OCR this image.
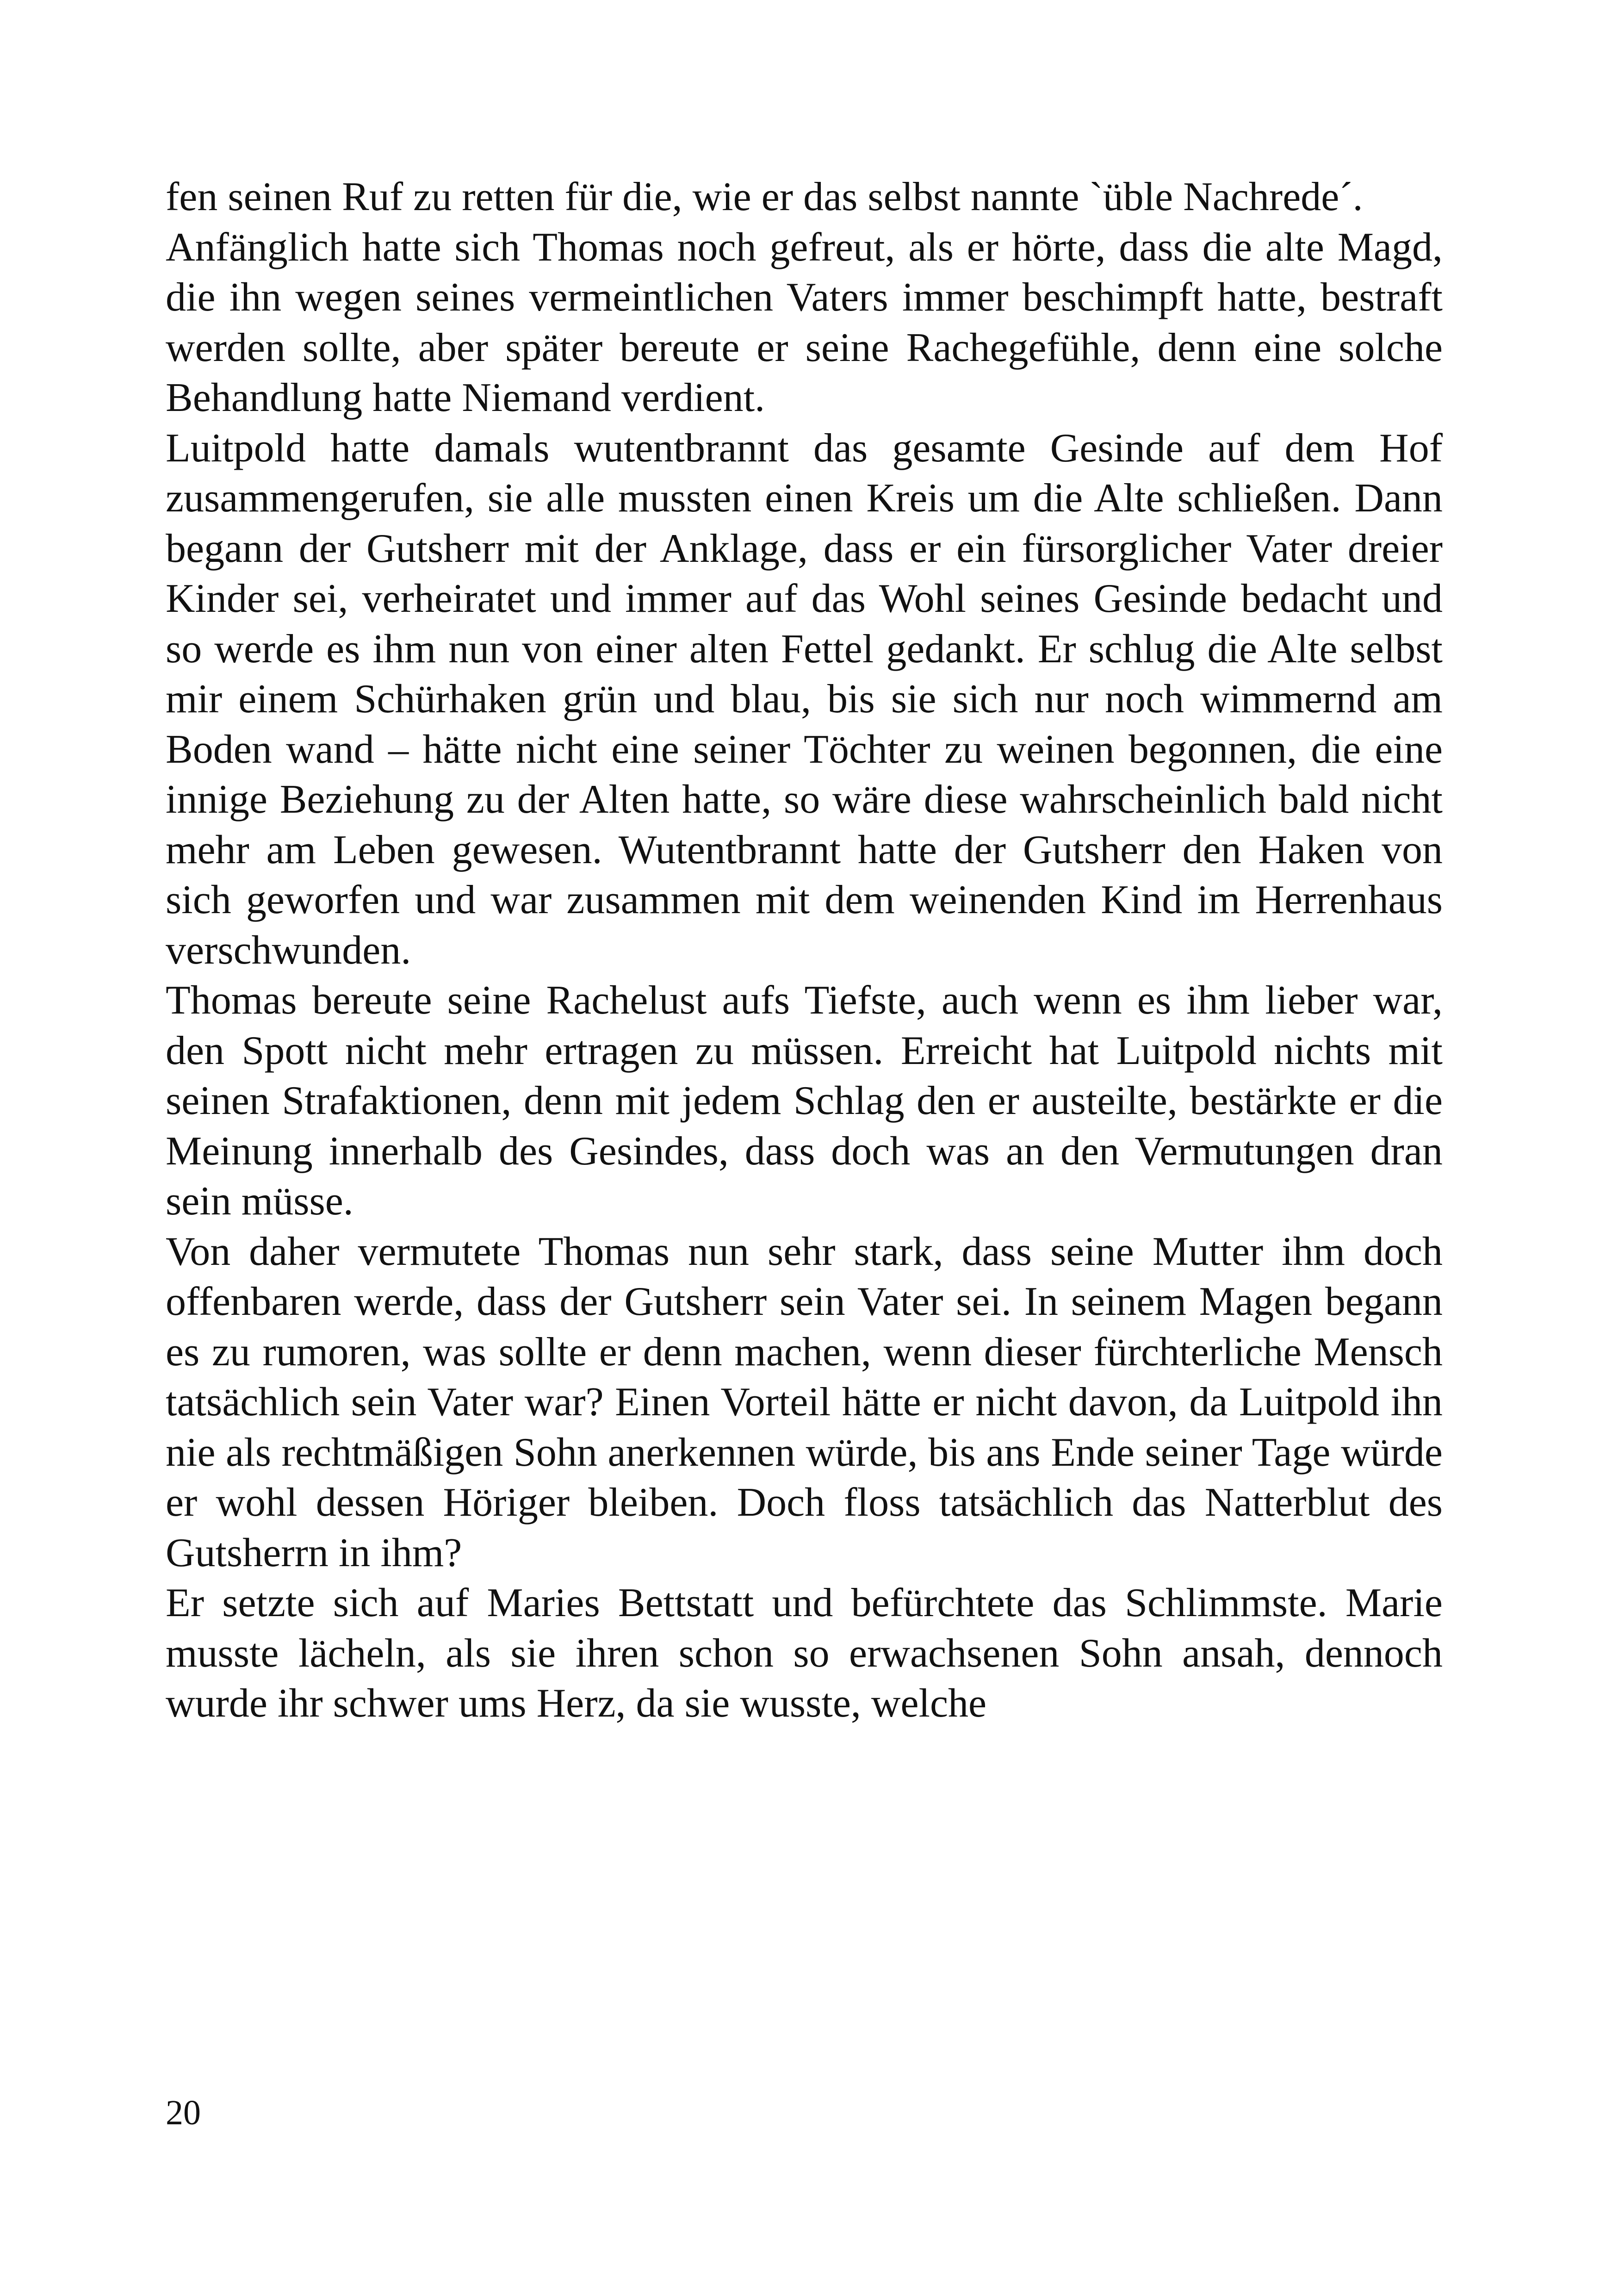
fen seinen Ruf zu retten für die, wie er das selbst nannte `üble Nachrede´.

Anfänglich hatte sich Thomas noch gefreut, als er hörte, dass die alte Magd, die ihn wegen seines vermeintlichen Vaters immer beschimpft hatte, bestraft werden sollte, aber später bereute er seine Rachegefühle, denn eine solche Behandlung hatte Niemand verdient.

Luitpold hatte damals wutentbrannt das gesamte Gesinde auf dem Hof zusammengerufen, sie alle mussten einen Kreis um die Alte schließen. Dann begann der Gutsherr mit der Anklage, dass er ein fürsorglicher Vater dreier Kinder sei, verheiratet und immer auf das Wohl seines Gesinde bedacht und so werde es ihm nun von einer alten Fettel gedankt. Er schlug die Alte selbst mir einem Schürhaken grün und blau, bis sie sich nur noch wimmernd am Boden wand – hätte nicht eine seiner Töchter zu weinen begonnen, die eine innige Beziehung zu der Alten hatte, so wäre diese wahrscheinlich bald nicht mehr am Leben gewesen. Wutentbrannt hatte der Gutsherr den Haken von sich geworfen und war zusammen mit dem weinenden Kind im Herrenhaus verschwunden.

Thomas bereute seine Rachelust aufs Tiefste, auch wenn es ihm lieber war, den Spott nicht mehr ertragen zu müssen. Erreicht hat Luitpold nichts mit seinen Strafaktionen, denn mit jedem Schlag den er austeilte, bestärkte er die Meinung innerhalb des Gesindes, dass doch was an den Vermutungen dran sein müsse.

Von daher vermutete Thomas nun sehr stark, dass seine Mutter ihm doch offenbaren werde, dass der Gutsherr sein Vater sei. In seinem Magen begann es zu rumoren, was sollte er denn machen, wenn dieser fürchterliche Mensch tatsächlich sein Vater war? Einen Vorteil hätte er nicht davon, da Luitpold ihn nie als rechtmäßigen Sohn anerkennen würde, bis ans Ende seiner Tage würde er wohl dessen Höriger bleiben. Doch floss tatsächlich das Natterblut des Gutsherrn in ihm?

Er setzte sich auf Maries Bettstatt und befürchtete das Schlimmste. Marie musste lächeln, als sie ihren schon so erwachsenen Sohn ansah, dennoch wurde ihr schwer ums Herz, da sie wusste, welche

20
